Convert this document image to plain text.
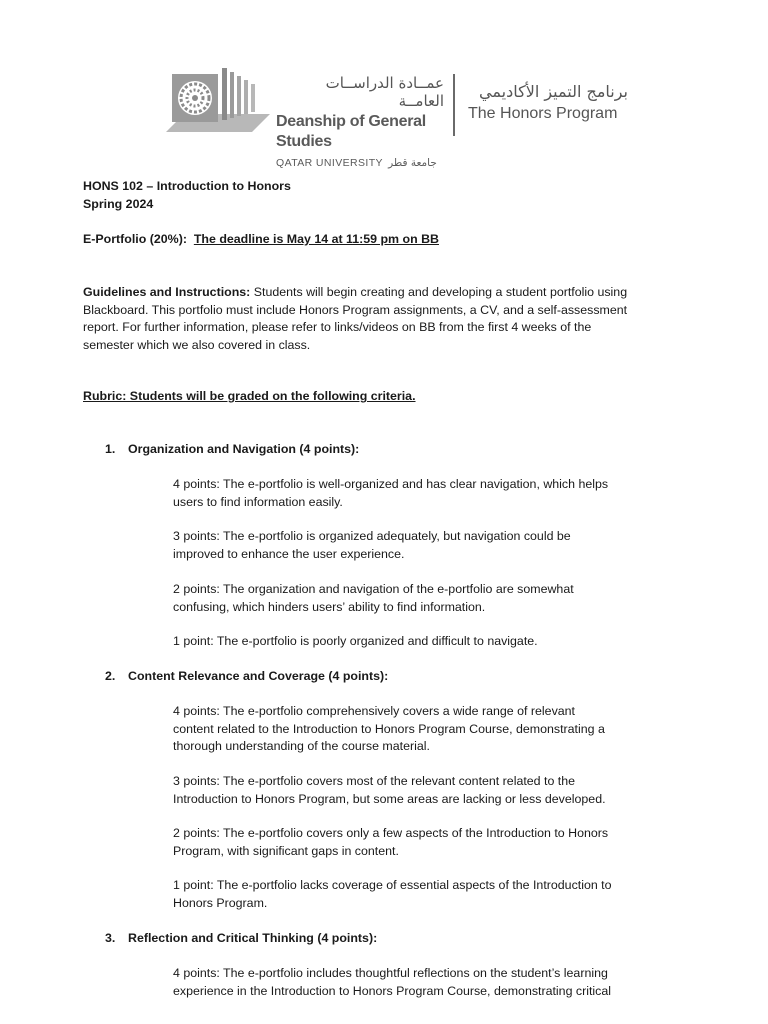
عمــادة الدراســات العامــة
Deanship of General Studies
QATAR UNIVERSITY جامعة قطر
برنامج التميز الأكاديمي
The Honors Program
HONS 102 – Introduction to Honors
Spring 2024
E-Portfolio (20%): The deadline is May 14 at 11:59 pm on BB
Guidelines and Instructions: Students will begin creating and developing a student portfolio using
Blackboard. This portfolio must include Honors Program assignments, a CV, and a self-assessment
report. For further information, please refer to links/videos on BB from the first 4 weeks of the
semester which we also covered in class.
Rubric: Students will be graded on the following criteria.
1. Organization and Navigation (4 points):
4 points: The e-portfolio is well-organized and has clear navigation, which helps
users to find information easily.
3 points: The e-portfolio is organized adequately, but navigation could be
improved to enhance the user experience.
2 points: The organization and navigation of the e-portfolio are somewhat
confusing, which hinders users’ ability to find information.
1 point: The e-portfolio is poorly organized and difficult to navigate.
2. Content Relevance and Coverage (4 points):
4 points: The e-portfolio comprehensively covers a wide range of relevant
content related to the Introduction to Honors Program Course, demonstrating a
thorough understanding of the course material.
3 points: The e-portfolio covers most of the relevant content related to the
Introduction to Honors Program, but some areas are lacking or less developed.
2 points: The e-portfolio covers only a few aspects of the Introduction to Honors
Program, with significant gaps in content.
1 point: The e-portfolio lacks coverage of essential aspects of the Introduction to
Honors Program.
3. Reflection and Critical Thinking (4 points):
4 points: The e-portfolio includes thoughtful reflections on the student’s learning
experience in the Introduction to Honors Program Course, demonstrating critical
